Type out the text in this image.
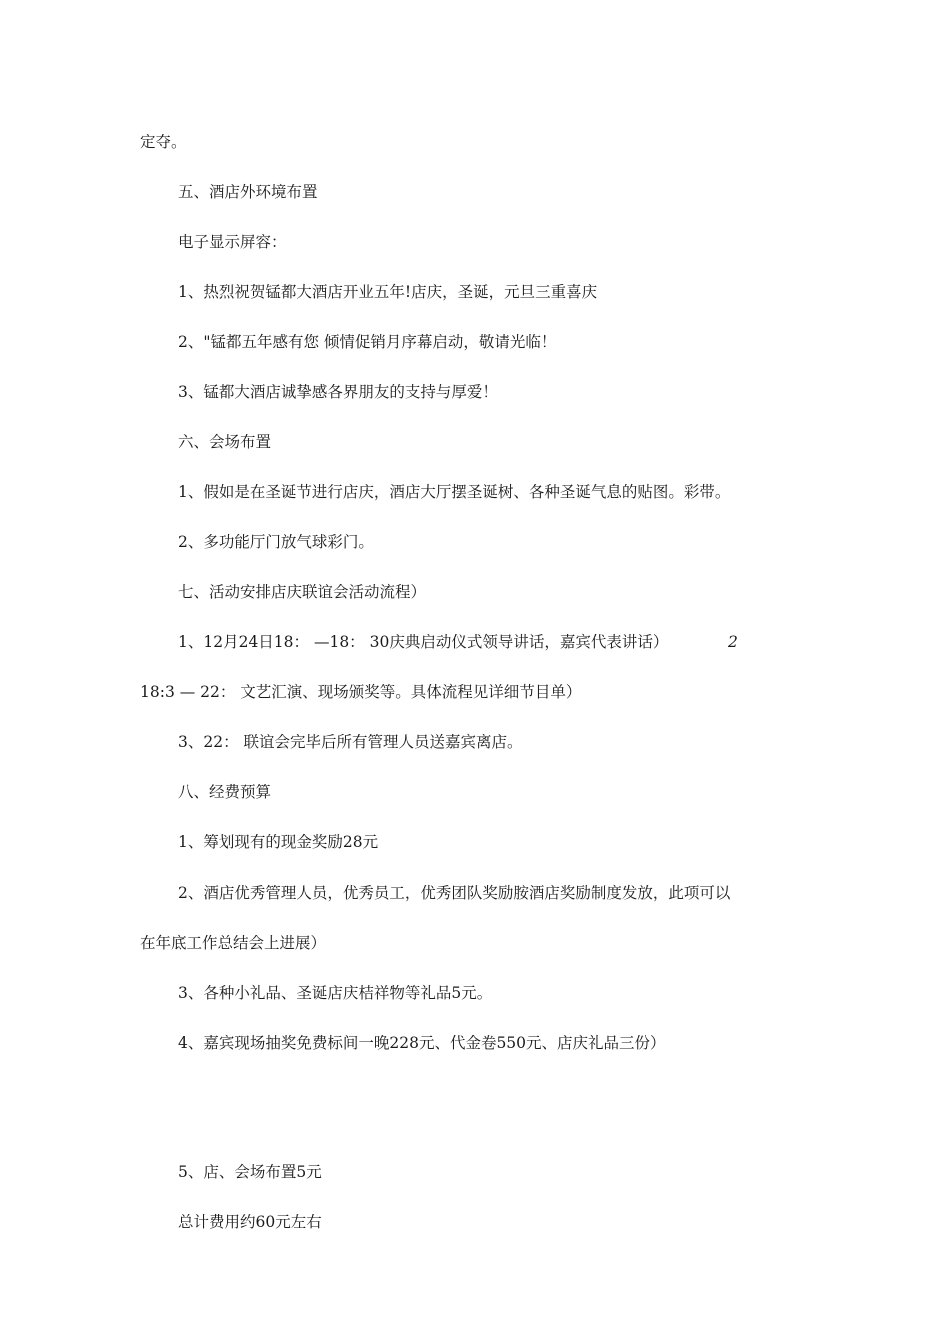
定夺。
五、酒店外环境布置
电子显示屏容：
1、热烈祝贺锰都大酒店开业五年!店庆，圣诞，元旦三重喜庆
2、"锰都五年感有您 倾情促销月序幕启动，敬请光临！
3、锰都大酒店诚挚感各界朋友的支持与厚爱！
六、会场布置
1、假如是在圣诞节进行店庆，酒店大厅摆圣诞树、各种圣诞气息的贴图。彩带。
2、多功能厅门放气球彩门。
七、活动安排店庆联谊会活动流程）
1、12月24日18： —18： 30庆典启动仪式领导讲话，嘉宾代表讲话）	2
18:3 — 22： 文艺汇演、现场颁奖等。具体流程见详细节目单）
3、22： 联谊会完毕后所有管理人员送嘉宾离店。
八、经费预算
1、筹划现有的现金奖励28元
2、酒店优秀管理人员，优秀员工，优秀团队奖励胺酒店奖励制度发放，此项可以
在年底工作总结会上进展）
3、各种小礼品、圣诞店庆桔祥物等礼品5元。
4、嘉宾现场抽奖免费标间一晚228元、代金卷550元、店庆礼品三份）
5、店、会场布置5元
总计费用约60元左右
